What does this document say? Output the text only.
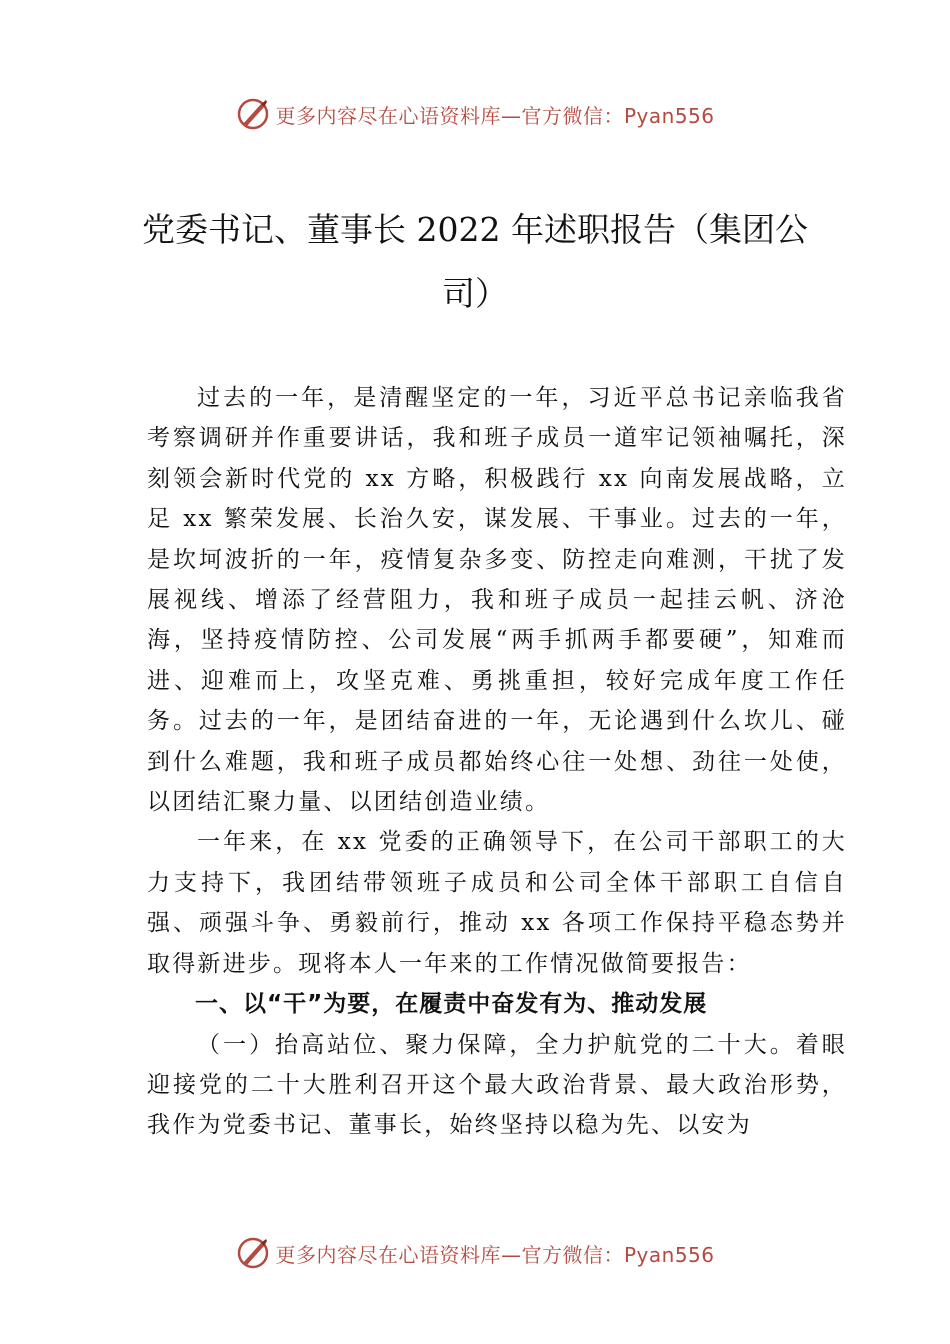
更多内容尽在心语资料库—官方微信：Pyan556
党委书记、董事长 2022 年述职报告（集团公司）

过去的一年，是清醒坚定的一年，习近平总书记亲临我省考察调研并作重要讲话，我和班子成员一道牢记领袖嘱托，深刻领会新时代党的 xx 方略，积极践行 xx 向南发展战略，立足 xx 繁荣发展、长治久安，谋发展、干事业。过去的一年，是坎坷波折的一年，疫情复杂多变、防控走向难测，干扰了发展视线、增添了经营阻力，我和班子成员一起挂云帆、济沧海，坚持疫情防控、公司发展“两手抓两手都要硬”，知难而进、迎难而上，攻坚克难、勇挑重担，较好完成年度工作任务。过去的一年，是团结奋进的一年，无论遇到什么坎儿、碰到什么难题，我和班子成员都始终心往一处想、劲往一处使，以团结汇聚力量、以团结创造业绩。

一年来，在 xx 党委的正确领导下，在公司干部职工的大力支持下，我团结带领班子成员和公司全体干部职工自信自强、顽强斗争、勇毅前行，推动 xx 各项工作保持平稳态势并取得新进步。现将本人一年来的工作情况做简要报告：

一、以“干”为要，在履责中奋发有为、推动发展

（一）抬高站位、聚力保障，全力护航党的二十大。着眼迎接党的二十大胜利召开这个最大政治背景、最大政治形势，我作为党委书记、董事长，始终坚持以稳为先、以安为

更多内容尽在心语资料库—官方微信：Pyan556
